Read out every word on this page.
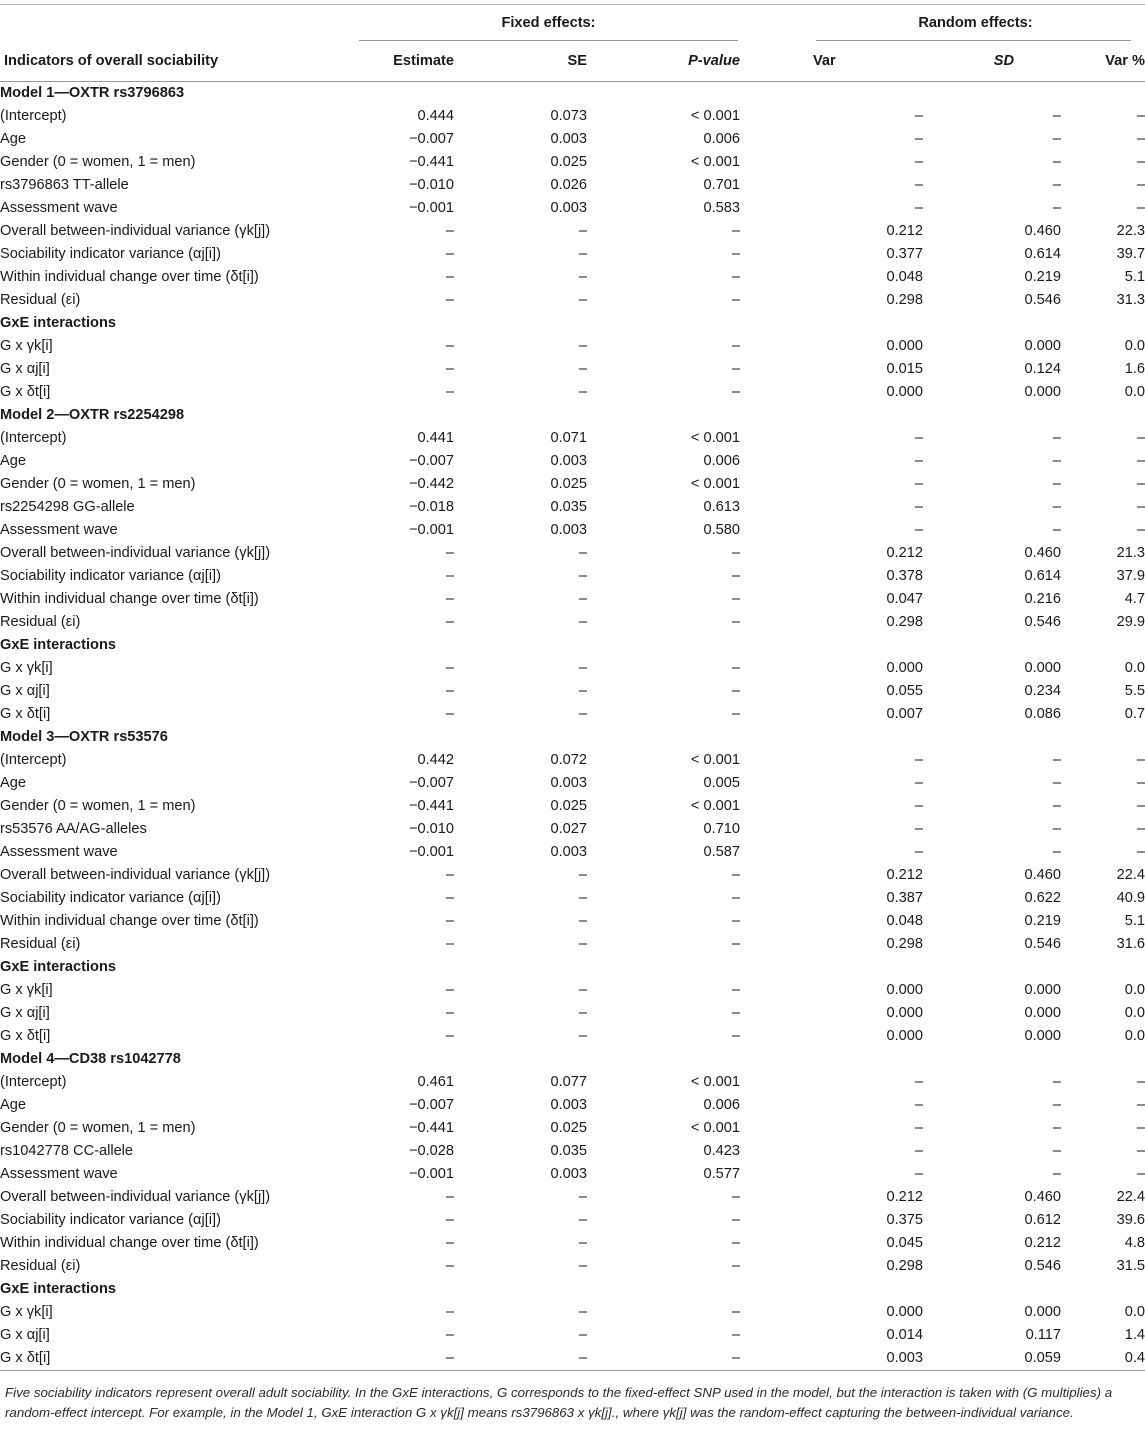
	Fixed effects:				Random effects:		
Indicators of overall sociability	Estimate	SE	P-value		Var	SD	Var %
Model 1—OXTR rs3796863							
(Intercept)	0.444	0.073	< 0.001		–	–	–
Age	−0.007	0.003	0.006		–	–	–
Gender (0 = women, 1 = men)	−0.441	0.025	< 0.001		–	–	–
rs3796863 TT-allele	−0.010	0.026	0.701		–	–	–
Assessment wave	−0.001	0.003	0.583		–	–	–
Overall between-individual variance (γk[j])	–	–	–		0.212	0.460	22.3
Sociability indicator variance (αj[i])	–	–	–		0.377	0.614	39.7
Within individual change over time (δt[i])	–	–	–		0.048	0.219	5.1
Residual (εi)	–	–	–		0.298	0.546	31.3
GxE interactions							
G x γk[i]	–	–	–		0.000	0.000	0.0
G x αj[i]	–	–	–		0.015	0.124	1.6
G x δt[i]	–	–	–		0.000	0.000	0.0
Model 2—OXTR rs2254298							
(Intercept)	0.441	0.071	< 0.001		–	–	–
Age	−0.007	0.003	0.006		–	–	–
Gender (0 = women, 1 = men)	−0.442	0.025	< 0.001		–	–	–
rs2254298 GG-allele	−0.018	0.035	0.613		–	–	–
Assessment wave	−0.001	0.003	0.580		–	–	–
Overall between-individual variance (γk[j])	–	–	–		0.212	0.460	21.3
Sociability indicator variance (αj[i])	–	–	–		0.378	0.614	37.9
Within individual change over time (δt[i])	–	–	–		0.047	0.216	4.7
Residual (εi)	–	–	–		0.298	0.546	29.9
GxE interactions							
G x γk[i]	–	–	–		0.000	0.000	0.0
G x αj[i]	–	–	–		0.055	0.234	5.5
G x δt[i]	–	–	–		0.007	0.086	0.7
Model 3—OXTR rs53576							
(Intercept)	0.442	0.072	< 0.001		–	–	–
Age	−0.007	0.003	0.005		–	–	–
Gender (0 = women, 1 = men)	−0.441	0.025	< 0.001		–	–	–
rs53576 AA/AG-alleles	−0.010	0.027	0.710		–	–	–
Assessment wave	−0.001	0.003	0.587		–	–	–
Overall between-individual variance (γk[j])	–	–	–		0.212	0.460	22.4
Sociability indicator variance (αj[i])	–	–	–		0.387	0.622	40.9
Within individual change over time (δt[i])	–	–	–		0.048	0.219	5.1
Residual (εi)	–	–	–		0.298	0.546	31.6
GxE interactions							
G x γk[i]	–	–	–		0.000	0.000	0.0
G x αj[i]	–	–	–		0.000	0.000	0.0
G x δt[i]	–	–	–		0.000	0.000	0.0
Model 4—CD38 rs1042778							
(Intercept)	0.461	0.077	< 0.001		–	–	–
Age	−0.007	0.003	0.006		–	–	–
Gender (0 = women, 1 = men)	−0.441	0.025	< 0.001		–	–	–
rs1042778 CC-allele	−0.028	0.035	0.423		–	–	–
Assessment wave	−0.001	0.003	0.577		–	–	–
Overall between-individual variance (γk[j])	–	–	–		0.212	0.460	22.4
Sociability indicator variance (αj[i])	–	–	–		0.375	0.612	39.6
Within individual change over time (δt[i])	–	–	–		0.045	0.212	4.8
Residual (εi)	–	–	–		0.298	0.546	31.5
GxE interactions							
G x γk[i]	–	–	–		0.000	0.000	0.0
G x αj[i]	–	–	–		0.014	0.117	1.4
G x δt[i]	–	–	–		0.003	0.059	0.4
Five sociability indicators represent overall adult sociability. In the GxE interactions, G corresponds to the fixed-effect SNP used in the model, but the interaction is taken with (G multiplies) a random-effect intercept. For example, in the Model 1, GxE interaction G x γk[j] means rs3796863 x γk[j]., where γk[j] was the random-effect capturing the between-individual variance.
